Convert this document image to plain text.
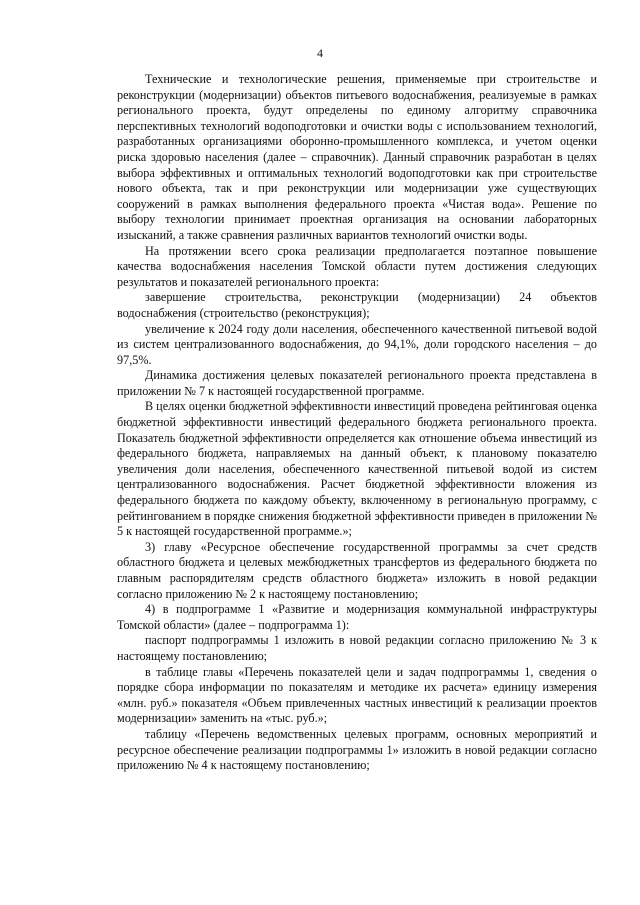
4

Технические и технологические решения, применяемые при строительстве и реконструкции (модернизации) объектов питьевого водоснабжения, реализуемые в рамках регионального проекта, будут определены по единому алгоритму справочника перспективных технологий водоподготовки и очистки воды с использованием технологий, разработанных организациями оборонно-промышленного комплекса, и учетом оценки риска здоровью населения (далее – справочник). Данный справочник разработан в целях выбора эффективных и оптимальных технологий водоподготовки как при строительстве нового объекта, так и при реконструкции или модернизации уже существующих сооружений в рамках выполнения федерального проекта «Чистая вода». Решение по выбору технологии принимает проектная организация на основании лабораторных изысканий, а также сравнения различных вариантов технологий очистки воды.

На протяжении всего срока реализации предполагается поэтапное повышение качества водоснабжения населения Томской области путем достижения следующих результатов и показателей регионального проекта:

завершение строительства, реконструкции (модернизации) 24 объектов водоснабжения (строительство (реконструкция);

увеличение к 2024 году доли населения, обеспеченного качественной питьевой водой из систем централизованного водоснабжения, до 94,1%, доли городского населения – до 97,5%.

Динамика достижения целевых показателей регионального проекта представлена в приложении № 7 к настоящей государственной программе.

В целях оценки бюджетной эффективности инвестиций проведена рейтинговая оценка бюджетной эффективности инвестиций федерального бюджета регионального проекта. Показатель бюджетной эффективности определяется как отношение объема инвестиций из федерального бюджета, направляемых на данный объект, к плановому показателю увеличения доли населения, обеспеченного качественной питьевой водой из систем централизованного водоснабжения. Расчет бюджетной эффективности вложения из федерального бюджета по каждому объекту, включенному в региональную программу, с рейтингованием в порядке снижения бюджетной эффективности приведен в приложении № 5 к настоящей государственной программе.»;

3) главу «Ресурсное обеспечение государственной программы за счет средств областного бюджета и целевых межбюджетных трансфертов из федерального бюджета по главным распорядителям средств областного бюджета» изложить в новой редакции согласно приложению № 2 к настоящему постановлению;

4) в подпрограмме 1 «Развитие и модернизация коммунальной инфраструктуры Томской области» (далее – подпрограмма 1):

паспорт подпрограммы 1 изложить в новой редакции согласно приложению № 3 к настоящему постановлению;

в таблице главы «Перечень показателей цели и задач подпрограммы 1, сведения о порядке сбора информации по показателям и методике их расчета» единицу измерения «млн. руб.» показателя «Объем привлеченных частных инвестиций к реализации проектов модернизации» заменить на «тыс. руб.»;

таблицу «Перечень ведомственных целевых программ, основных мероприятий и ресурсное обеспечение реализации подпрограммы 1» изложить в новой редакции согласно приложению № 4 к настоящему постановлению;
